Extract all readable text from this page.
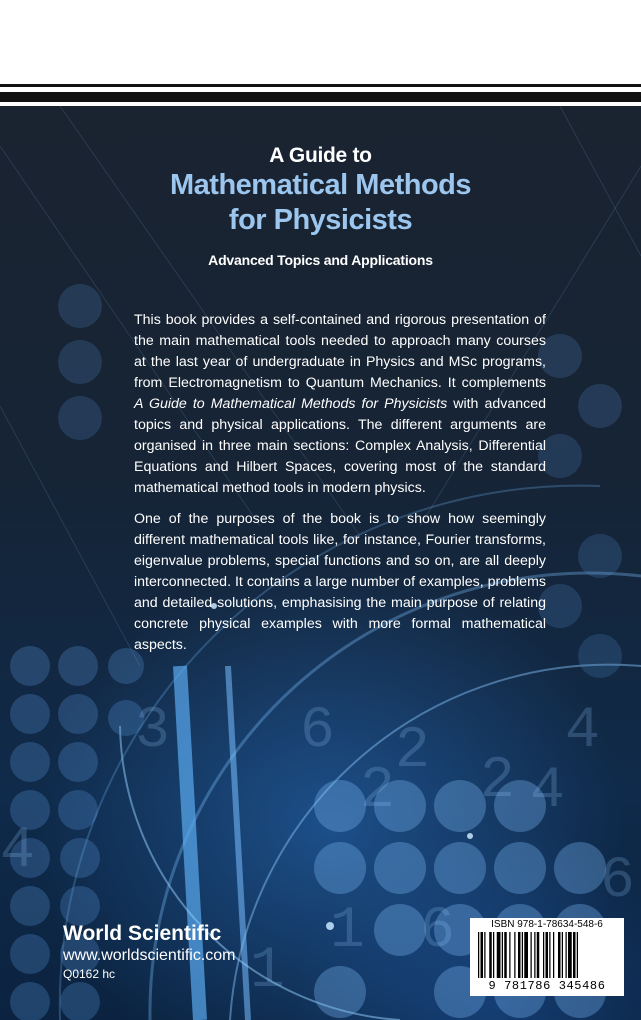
2
1 6
4
6
2
1
4
2 4
6
3
A Guide to
Mathematical Methods
for Physicists
Advanced Topics and Applications

This book provides a self-contained and rigorous presentation of the main mathematical tools needed to approach many courses at the last year of undergraduate in Physics and MSc programs, from Electromagnetism to Quantum Mechanics. It complements A Guide to Mathematical Methods for Physicists with advanced topics and physical applications. The different arguments are organised in three main sections: Complex Analysis, Differential Equations and Hilbert Spaces, covering most of the standard mathematical method tools in modern physics.

One of the purposes of the book is to show how seemingly different mathematical tools like, for instance, Fourier transforms, eigenvalue problems, special functions and so on, are all deeply interconnected. It contains a large number of examples, problems and detailed solutions, emphasising the main purpose of relating concrete physical examples with more formal mathematical aspects.

World Scientific
www.worldscientific.com
Q0162 hc
ISBN 978-1-78634-548-6
9 781786 345486
